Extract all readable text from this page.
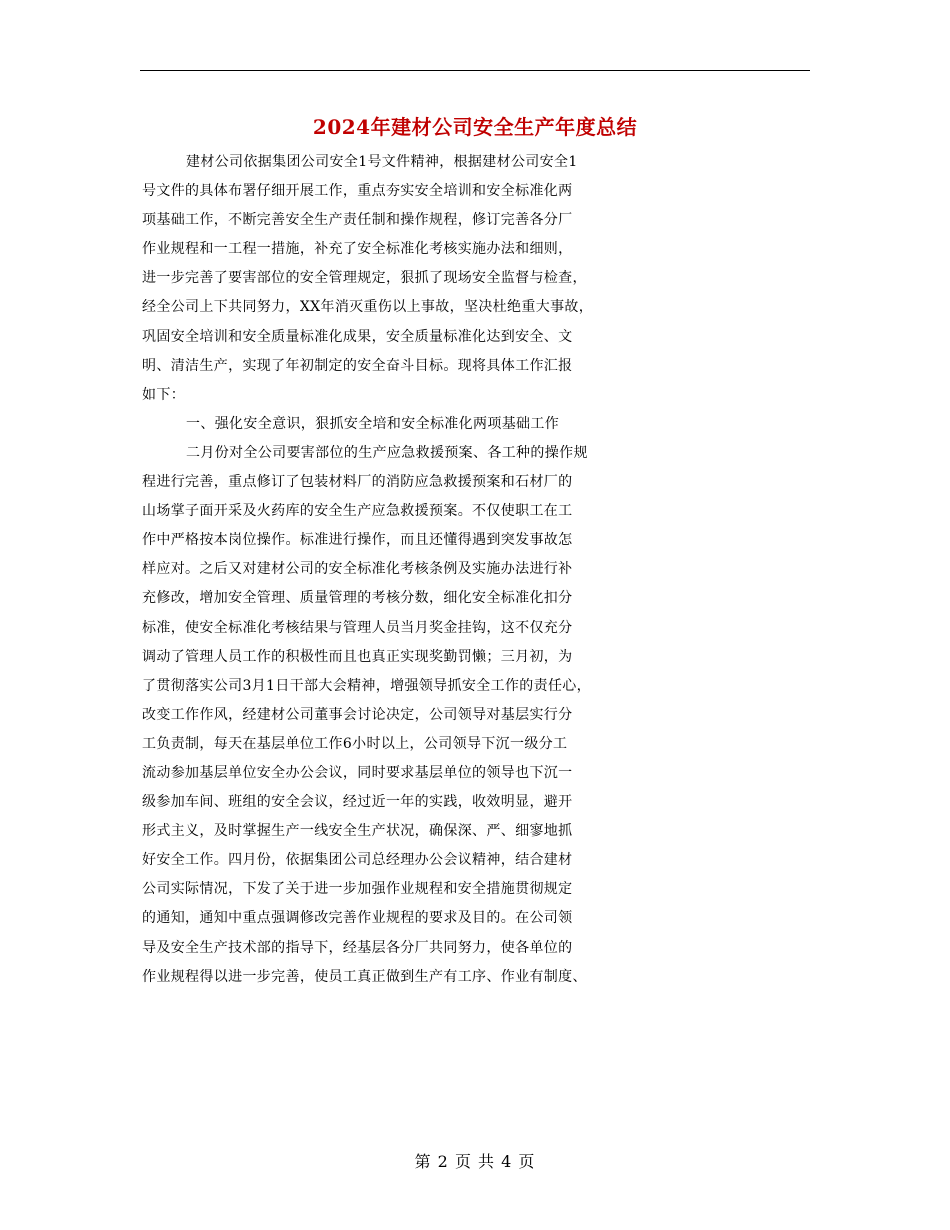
2024年建材公司安全生产年度总结
建材公司依据集团公司安全1号文件精神，根据建材公司安全1
号文件的具体布署仔细开展工作，重点夯实安全培训和安全标准化两
项基础工作，不断完善安全生产责任制和操作规程，修订完善各分厂
作业规程和一工程一措施，补充了安全标准化考核实施办法和细则，
进一步完善了要害部位的安全管理规定，狠抓了现场安全监督与检查，
经全公司上下共同努力，XX年消灭重伤以上事故，坚决杜绝重大事故，
巩固安全培训和安全质量标准化成果，安全质量标准化达到安全、文
明、清洁生产，实现了年初制定的安全奋斗目标。现将具体工作汇报
如下：
一、强化安全意识，狠抓安全培和安全标准化两项基础工作
二月份对全公司要害部位的生产应急救援预案、各工种的操作规
程进行完善，重点修订了包装材料厂的消防应急救援预案和石材厂的
山场掌子面开采及火药库的安全生产应急救援预案。不仅使职工在工
作中严格按本岗位操作。标准进行操作，而且还懂得遇到突发事故怎
样应对。之后又对建材公司的安全标准化考核条例及实施办法进行补
充修改，增加安全管理、质量管理的考核分数，细化安全标准化扣分
标准，使安全标准化考核结果与管理人员当月奖金挂钩，这不仅充分
调动了管理人员工作的积极性而且也真正实现奖勤罚懒；三月初，为
了贯彻落实公司3月1日干部大会精神，增强领导抓安全工作的责任心，
改变工作作风，经建材公司董事会讨论决定，公司领导对基层实行分
工负责制，每天在基层单位工作6小时以上，公司领导下沉一级分工
流动参加基层单位安全办公会议，同时要求基层单位的领导也下沉一
级参加车间、班组的安全会议，经过近一年的实践，收效明显，避开
形式主义，及时掌握生产一线安全生产状况，确保深、严、细寥地抓
好安全工作。四月份，依据集团公司总经理办公会议精神，结合建材
公司实际情况，下发了关于进一步加强作业规程和安全措施贯彻规定
的通知，通知中重点强调修改完善作业规程的要求及目的。在公司领
导及安全生产技术部的指导下，经基层各分厂共同努力，使各单位的
作业规程得以进一步完善，使员工真正做到生产有工序、作业有制度、
第 2 页 共 4 页
